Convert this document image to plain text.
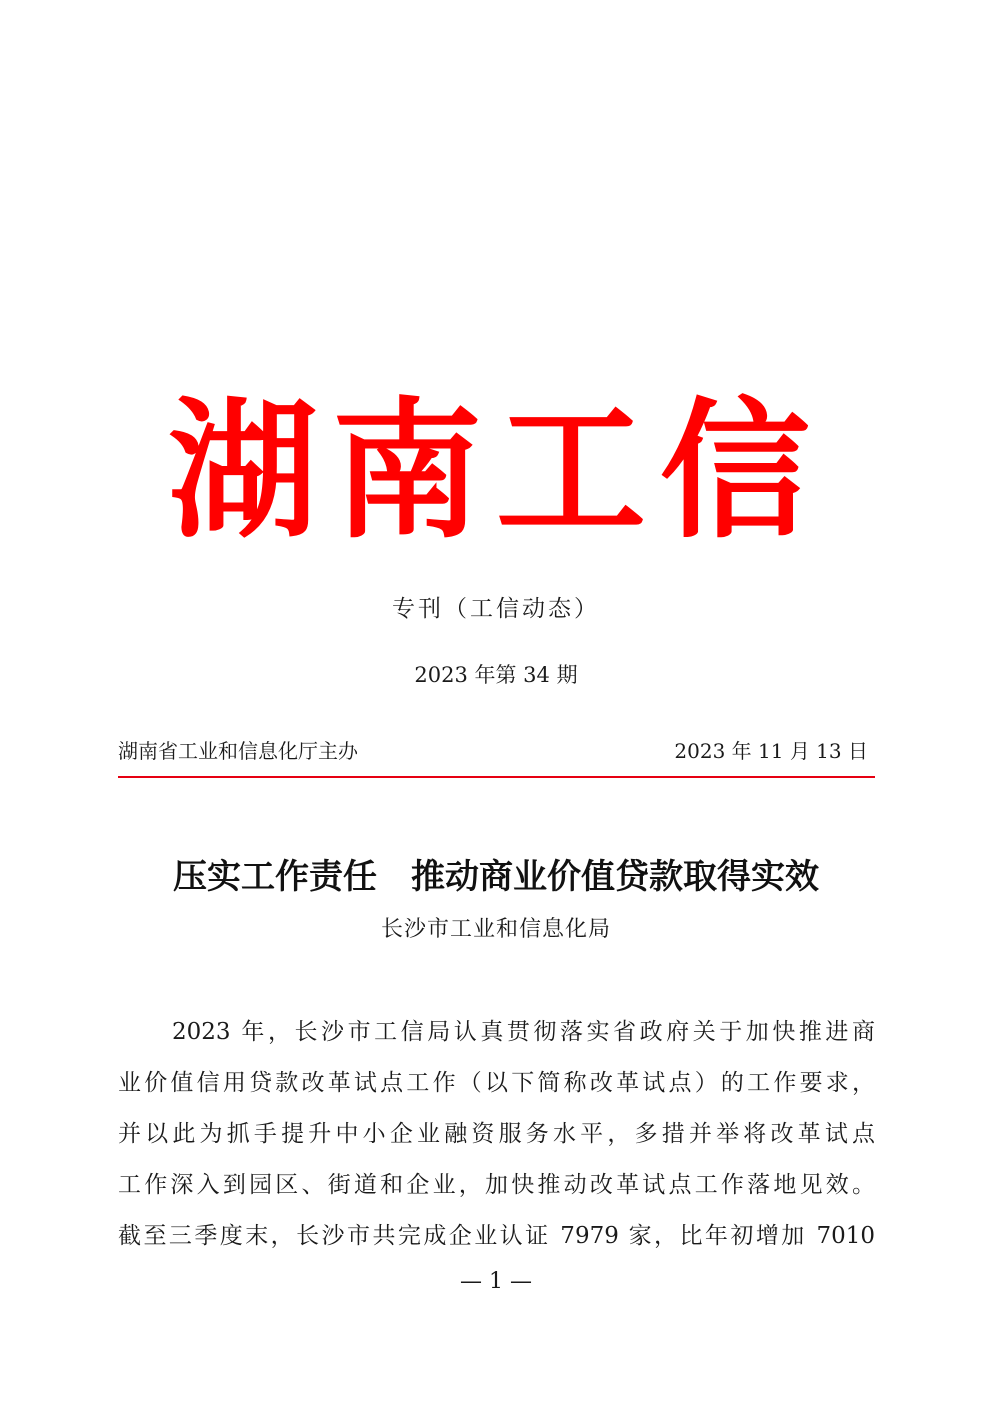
湖南工信
专刊（工信动态）
2023 年第 34 期
湖南省工业和信息化厅主办	2023 年 11 月 13 日
压实工作责任　推动商业价值贷款取得实效
长沙市工业和信息化局
2023 年，长沙市工信局认真贯彻落实省政府关于加快推进商
业价值信用贷款改革试点工作（以下简称改革试点）的工作要求，
并以此为抓手提升中小企业融资服务水平，多措并举将改革试点
工作深入到园区、街道和企业，加快推动改革试点工作落地见效。
截至三季度末，长沙市共完成企业认证 7979 家，比年初增加 7010
— 1 —
